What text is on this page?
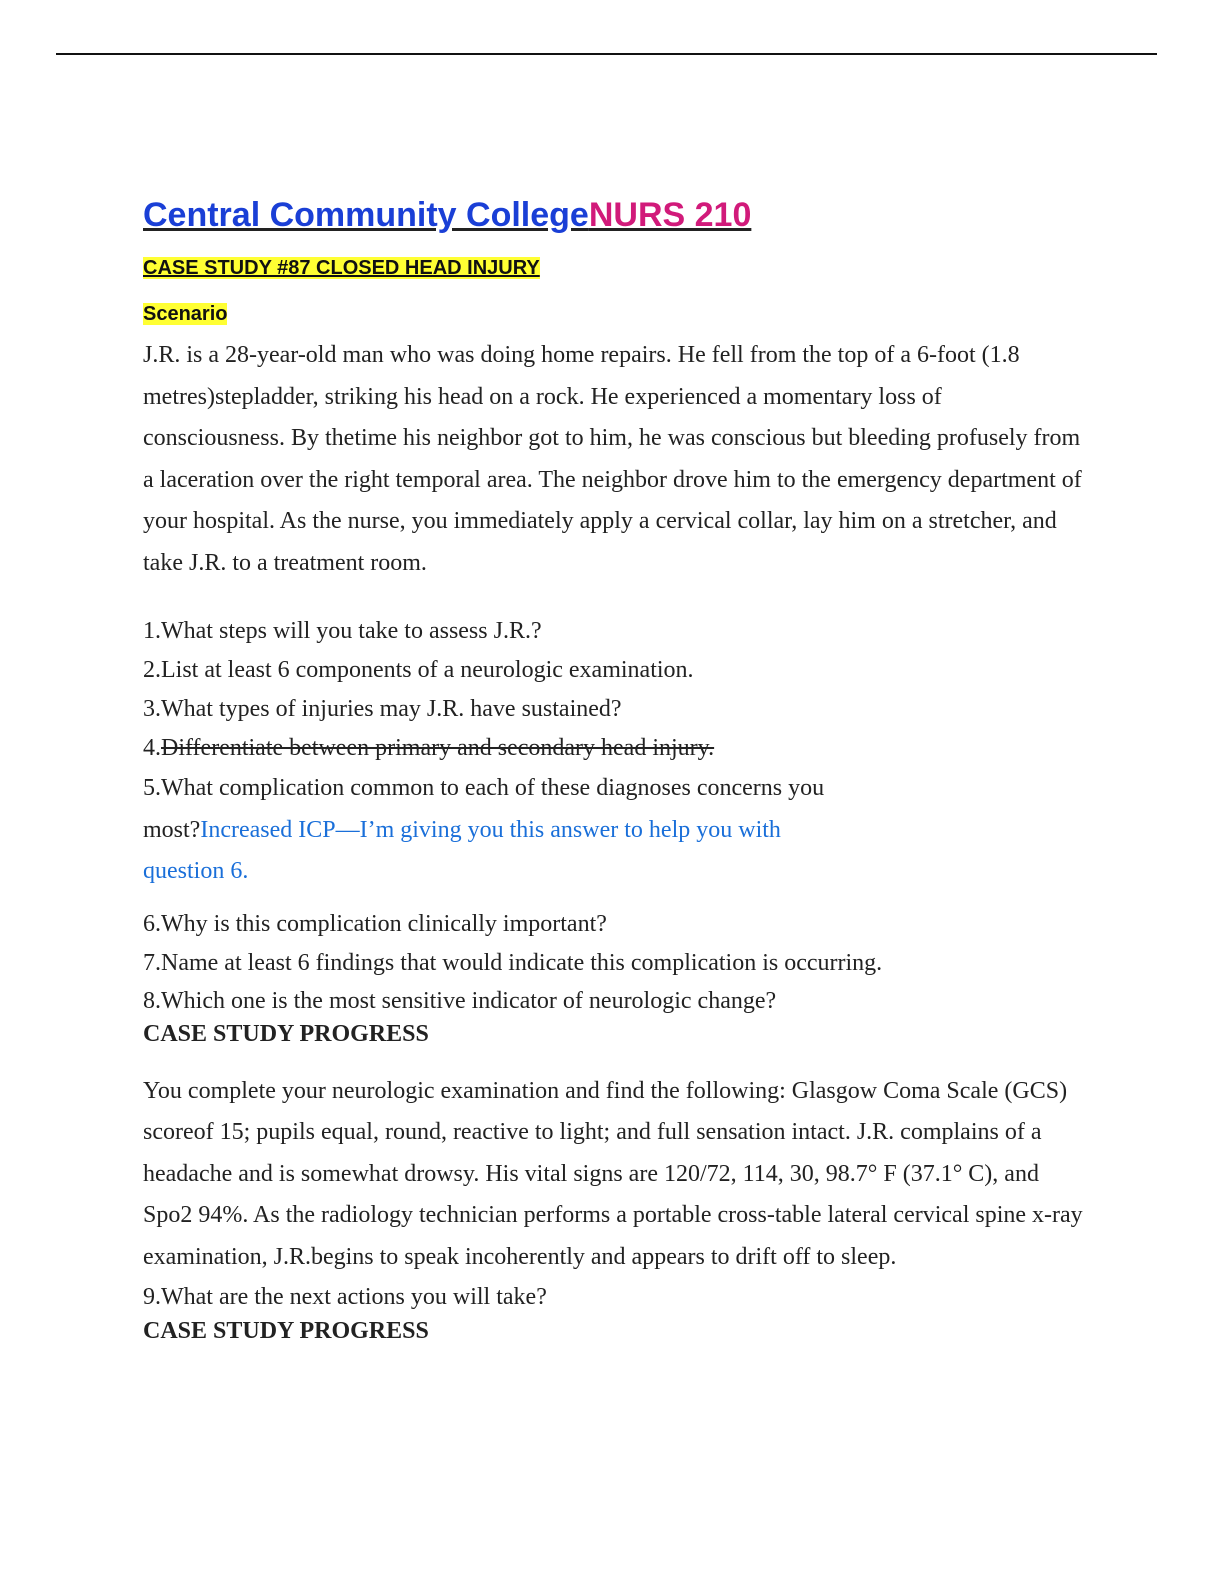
Central Community CollegeNURS 210
CASE STUDY #87 CLOSED HEAD INJURY
Scenario
J.R. is a 28-year-old man who was doing home repairs. He fell from the top of a 6-foot (1.8 metres)stepladder, striking his head on a rock. He experienced a momentary loss of consciousness. By thetime his neighbor got to him, he was conscious but bleeding profusely from a laceration over the right temporal area. The neighbor drove him to the emergency department of your hospital. As the nurse, you immediately apply a cervical collar, lay him on a stretcher, and take J.R. to a treatment room.
1.What steps will you take to assess J.R.?
2.List at least 6 components of a neurologic examination.
3.What types of injuries may J.R. have sustained?
4.Differentiate between primary and secondary head injury.
5.What complication common to each of these diagnoses concerns you most?Increased ICP—I’m giving you this answer to help you with question 6.
6.Why is this complication clinically important?
7.Name at least 6 findings that would indicate this complication is occurring.
8.Which one is the most sensitive indicator of neurologic change?
CASE STUDY PROGRESS
You complete your neurologic examination and find the following: Glasgow Coma Scale (GCS) scoreof 15; pupils equal, round, reactive to light; and full sensation intact. J.R. complains of a headache and is somewhat drowsy. His vital signs are 120/72, 114, 30, 98.7° F (37.1° C), and Spo2 94%. As the radiology technician performs a portable cross-table lateral cervical spine x-ray examination, J.R.begins to speak incoherently and appears to drift off to sleep.
9.What are the next actions you will take?
CASE STUDY PROGRESS
